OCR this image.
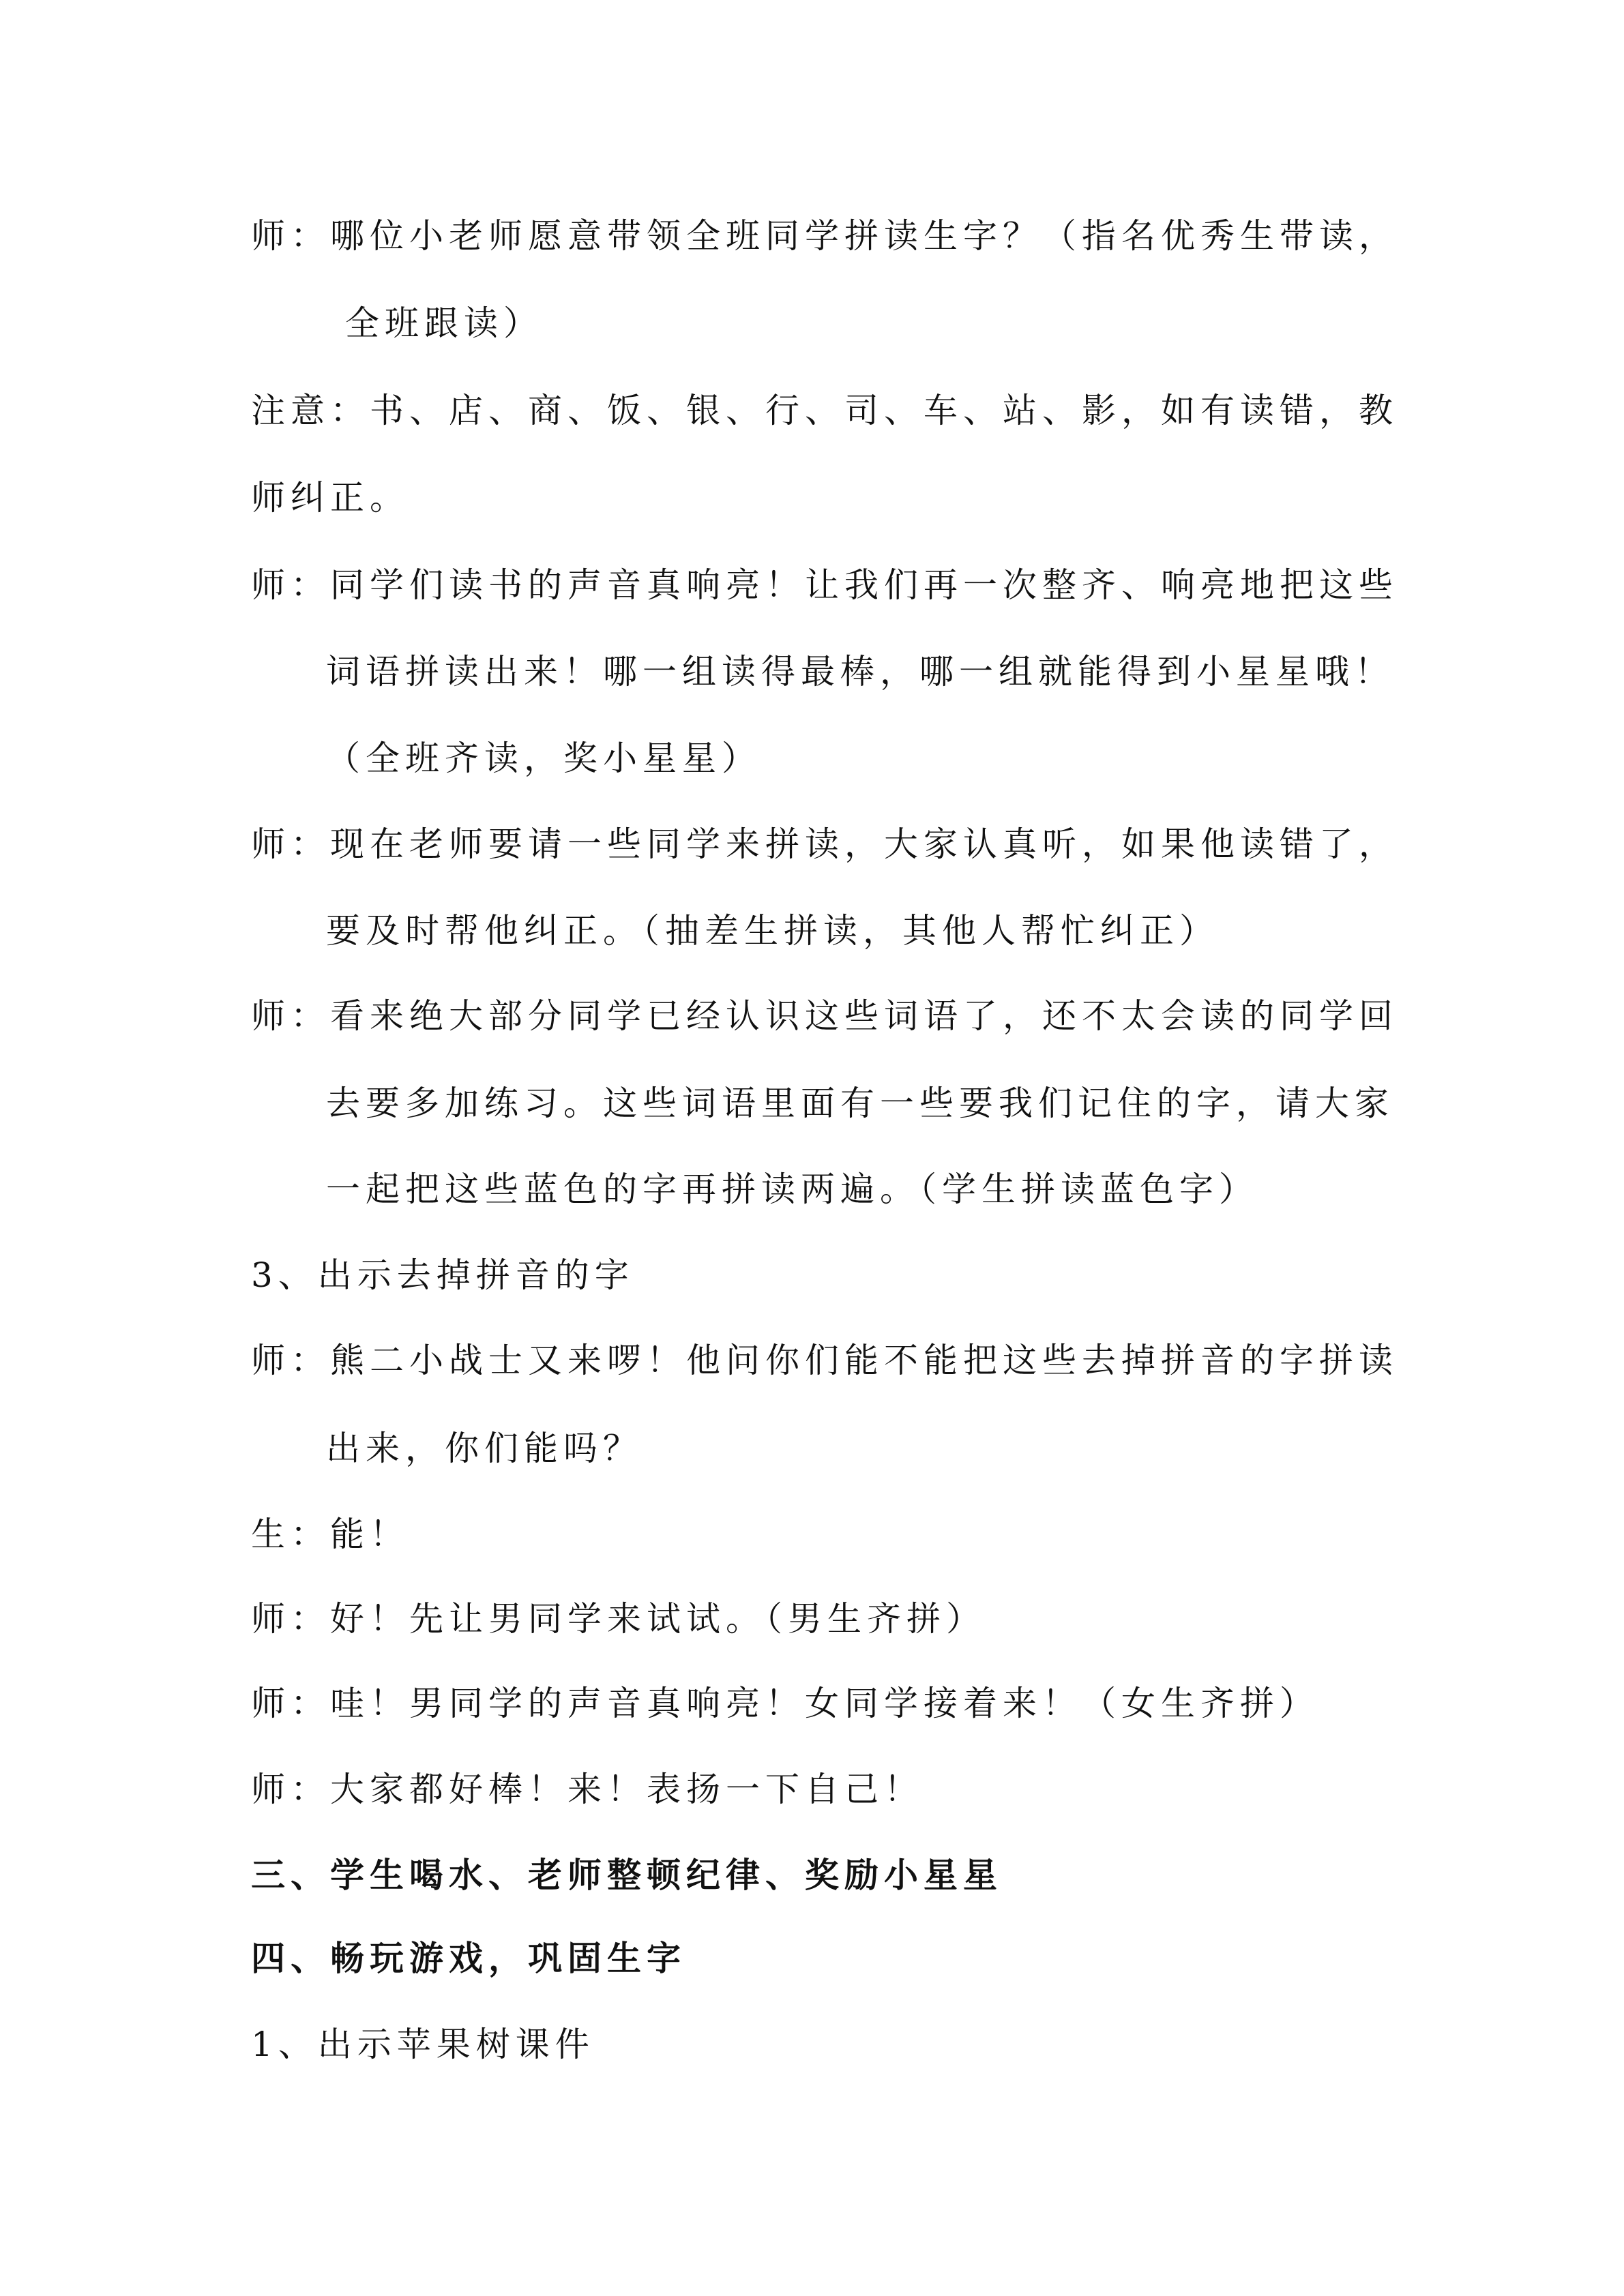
师：哪位小老师愿意带领全班同学拼读生字？（指名优秀生带读，
全班跟读）
注意：书、店、商、饭、银、行、司、车、站、影，如有读错，教
师纠正。
师：同学们读书的声音真响亮！让我们再一次整齐、响亮地把这些
词语拼读出来！哪一组读得最棒，哪一组就能得到小星星哦！
（全班齐读，奖小星星）
师：现在老师要请一些同学来拼读，大家认真听，如果他读错了，
要及时帮他纠正。（抽差生拼读，其他人帮忙纠正）
师：看来绝大部分同学已经认识这些词语了，还不太会读的同学回
去要多加练习。这些词语里面有一些要我们记住的字，请大家
一起把这些蓝色的字再拼读两遍。（学生拼读蓝色字）
3、出示去掉拼音的字
师：熊二小战士又来啰！他问你们能不能把这些去掉拼音的字拼读
出来，你们能吗？
生：能！
师：好！先让男同学来试试。（男生齐拼）
师：哇！男同学的声音真响亮！女同学接着来！（女生齐拼）
师：大家都好棒！来！表扬一下自己！
三、学生喝水、老师整顿纪律、奖励小星星
四、畅玩游戏，巩固生字
1、出示苹果树课件
